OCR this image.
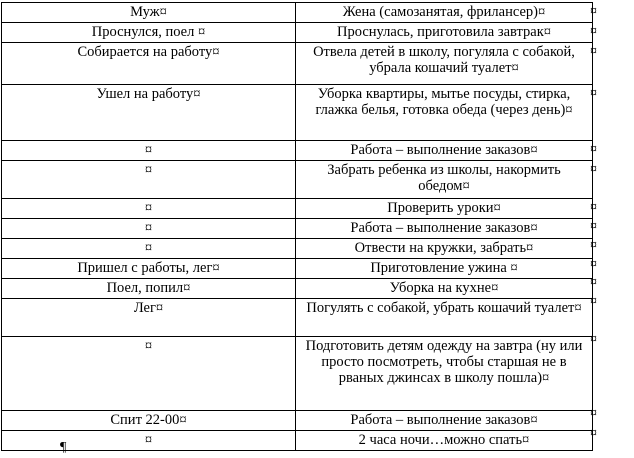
Муж¤	Жена (самозанятая, фрилансер)¤
Проснулся, поел ¤	Проснулась, приготовила завтрак¤
Собирается на работу¤	Отвела детей в школу, погуляла с собакой, убрала кошачий туалет¤
Ушел на работу¤	Уборка квартиры, мытье посуды, стирка, глажка белья, готовка обеда (через день)¤
¤	Работа – выполнение заказов¤
¤	Забрать ребенка из школы, накормить обедом¤
¤	Проверить уроки¤
¤	Работа – выполнение заказов¤
¤	Отвести на кружки, забрать¤
Пришел с работы, лег¤	Приготовление ужина ¤
Поел, попил¤	Уборка на кухне¤
Лег¤	Погулять с собакой, убрать кошачий туалет¤
¤	Подготовить детям одежду на завтра (ну или просто посмотреть, чтобы старшая не в рваных джинсах в школу пошла)¤
Спит 22-00¤	Работа – выполнение заказов¤
¤	2 часа ночи…можно спать¤
¤
¤
¤
¤
¤
¤
¤
¤
¤
¤
¤
¤
¤
¤
¤
¶
